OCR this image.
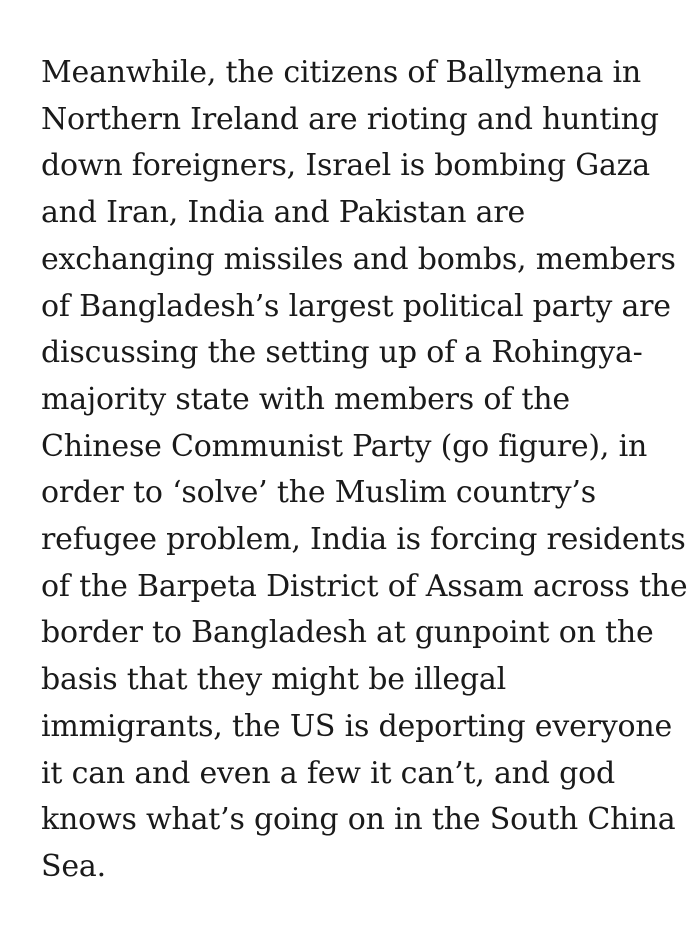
Meanwhile, the citizens of Ballymena in
Northern Ireland are rioting and hunting
down foreigners, Israel is bombing Gaza
and Iran, India and Pakistan are
exchanging missiles and bombs, members
of Bangladesh’s largest political party are
discussing the setting up of a Rohingya-
majority state with members of the
Chinese Communist Party (go figure), in
order to ‘solve’ the Muslim country’s
refugee problem, India is forcing residents
of the Barpeta District of Assam across the
border to Bangladesh at gunpoint on the
basis that they might be illegal
immigrants, the US is deporting everyone
it can and even a few it can’t, and god
knows what’s going on in the South China
Sea.
